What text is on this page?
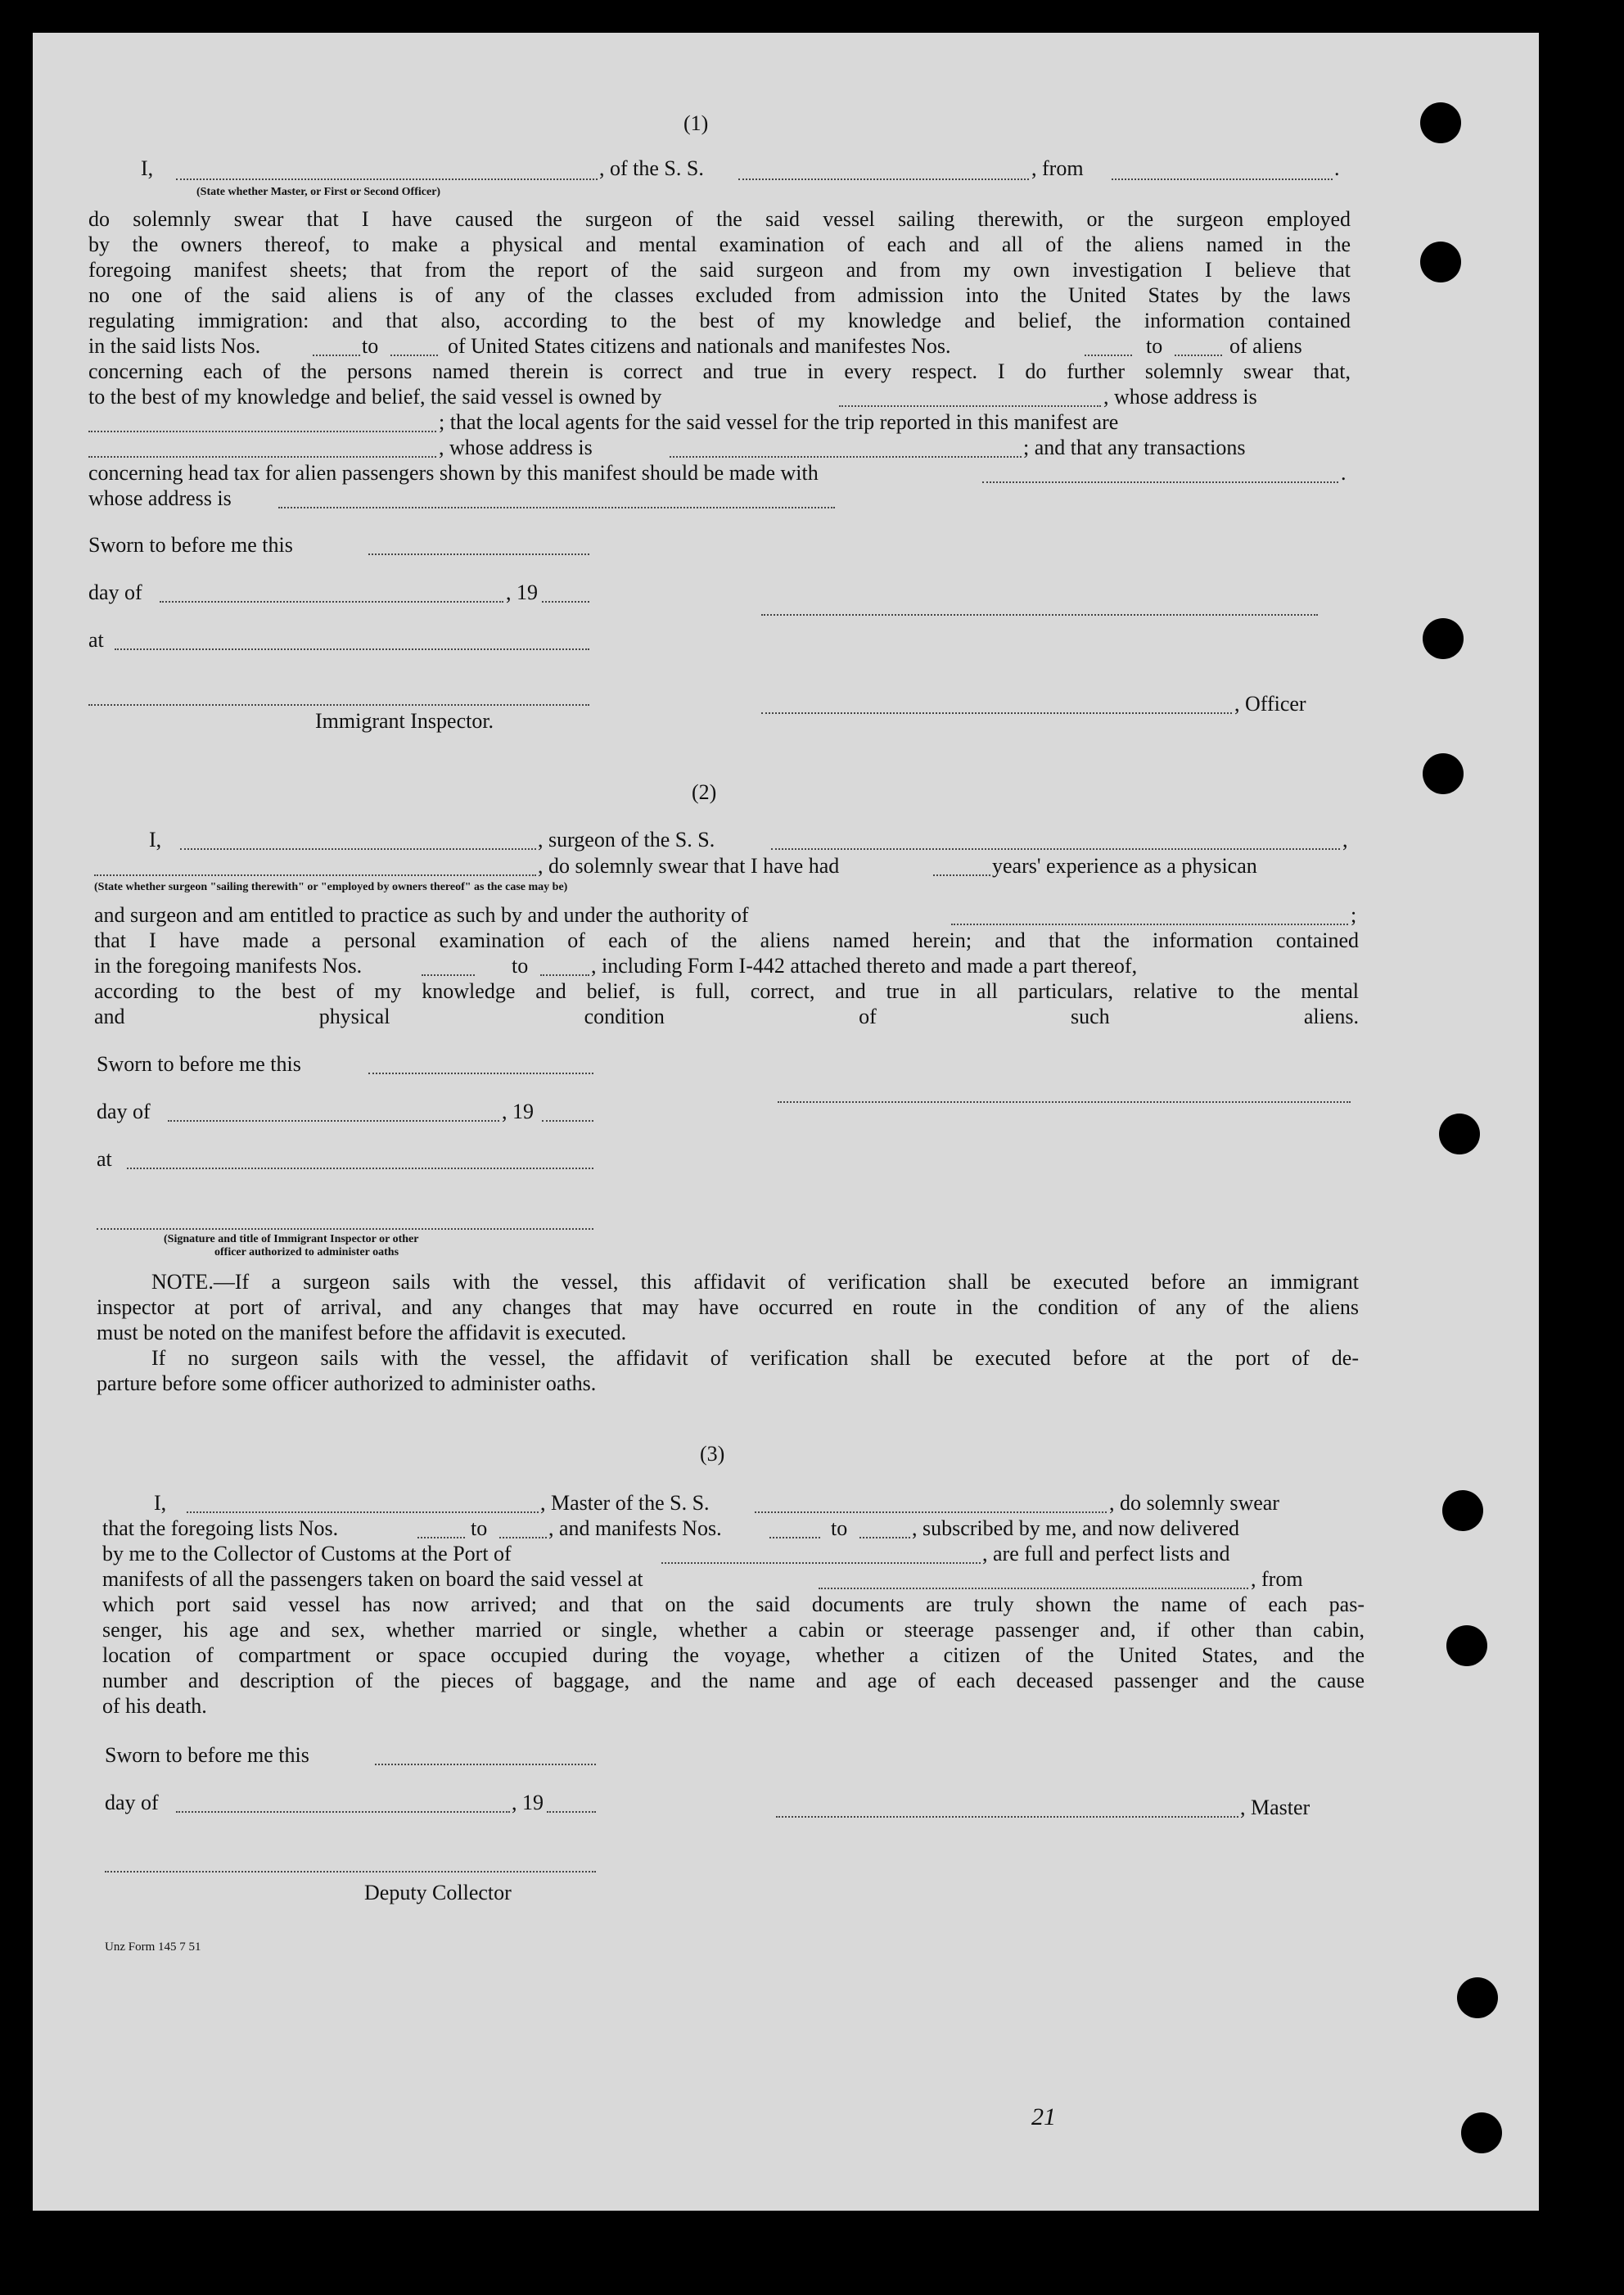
(1)
I,	, of the S. S.	, from	.
(State whether Master, or First or Second Officer)
do solemnly swear that I have caused the surgeon of the said vessel sailing therewith, or the surgeon employed
by the owners thereof, to make a physical and mental examination of each and all of the aliens named in the
foregoing manifest sheets; that from the report of the said surgeon and from my own investigation I believe that
no one of the said aliens is of any of the classes excluded from admission into the United States by the laws
regulating immigration: and that also, according to the best of my knowledge and belief, the information contained
in the said lists Nos.	to	of United States citizens and nationals and manifestes Nos.	to	of aliens
concerning each of the persons named therein is correct and true in every respect. I do further solemnly swear that,
to the best of my knowledge and belief, the said vessel is owned by	, whose address is
; that the local agents for the said vessel for the trip reported in this manifest are
, whose address is	; and that any transactions
concerning head tax for alien passengers shown by this manifest should be made with	.
whose address is
Sworn to before me this
day of	, 19
at
, Officer
Immigrant Inspector.
(2)
I,	, surgeon of the S. S.	,
, do solemnly swear that I have had	years' experience as a physican
(State whether surgeon "sailing therewith" or "employed by owners thereof" as the case may be)
and surgeon and am entitled to practice as such by and under the authority of	;
that I have made a personal examination of each of the aliens named herein; and that the information contained
in the foregoing manifests Nos.	to	, including Form I-442 attached thereto and made a part thereof,
according to the best of my knowledge and belief, is full, correct, and true in all particulars, relative to the mental
and physical condition of such aliens.
Sworn to before me this
day of	, 19
at
(Signature and title of Immigrant Inspector or other
officer authorized to administer oaths
NOTE.—If a surgeon sails with the vessel, this affidavit of verification shall be executed before an immigrant
inspector at port of arrival, and any changes that may have occurred en route in the condition of any of the aliens
must be noted on the manifest before the affidavit is executed.
If no surgeon sails with the vessel, the affidavit of verification shall be executed before at the port of de-
parture before some officer authorized to administer oaths.
(3)
I,	, Master of the S. S.	, do solemnly swear
that the foregoing lists Nos.	to	, and manifests Nos.	to	, subscribed by me, and now delivered
by me to the Collector of Customs at the Port of	, are full and perfect lists and
manifests of all the passengers taken on board the said vessel at	, from
which port said vessel has now arrived; and that on the said documents are truly shown the name of each pas-
senger, his age and sex, whether married or single, whether a cabin or steerage passenger and, if other than cabin,
location of compartment or space occupied during the voyage, whether a citizen of the United States, and the
number and description of the pieces of baggage, and the name and age of each deceased passenger and the cause
of his death.
Sworn to before me this
day of	, 19	, Master
Deputy Collector
Unz Form 145 7 51
21
